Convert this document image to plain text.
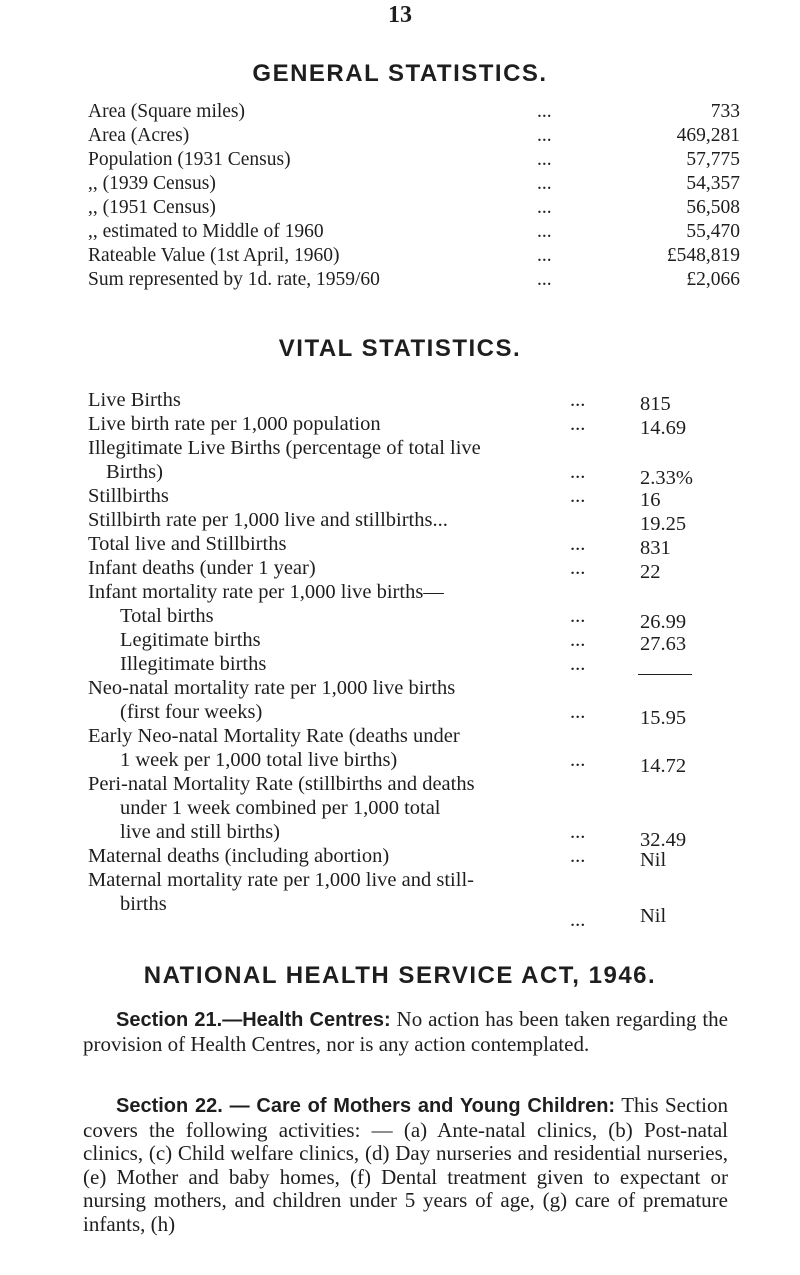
13
GENERAL STATISTICS.
Area (Square miles)	...	733
Area (Acres)	...	469,281
Population (1931 Census)	...	57,775
,, (1939 Census)	...	54,357
,, (1951 Census)	...	56,508
,, estimated to Middle of 1960	...	55,470
Rateable Value (1st April, 1960)	...	£548,819
Sum represented by 1d. rate, 1959/60	...	£2,066
VITAL STATISTICS.
Live Births	...	815
Live birth rate per 1,000 population	...	14.69
Illegitimate Live Births (percentage of total live
Births)	...	2.33%
Stillbirths	...	16
Stillbirth rate per 1,000 live and stillbirths...	19.25
Total live and Stillbirths	...	831
Infant deaths (under 1 year)	...	22
Infant mortality rate per 1,000 live births—
Total births	...	26.99
Legitimate births	...	27.63
Illegitimate births	...
Neo-natal mortality rate per 1,000 live births
(first four weeks)	...	15.95
Early Neo-natal Mortality Rate (deaths under
1 week per 1,000 total live births)	...	14.72
Peri-natal Mortality Rate (stillbirths and deaths
under 1 week combined per 1,000 total
live and still births)	...	32.49
Maternal deaths (including abortion)	...	Nil
Maternal mortality rate per 1,000 live and still-
births
...	Nil
NATIONAL HEALTH SERVICE ACT, 1946.
Section 21.—Health Centres: No action has been taken regarding the provision of Health Centres, nor is any action contemplated.
Section 22. — Care of Mothers and Young Children: This Section covers the following activities: — (a) Ante-natal clinics, (b) Post-natal clinics, (c) Child welfare clinics, (d) Day nurseries and residential nurseries, (e) Mother and baby homes, (f) Dental treatment given to expectant or nursing mothers, and children under 5 years of age, (g) care of premature infants, (h)
